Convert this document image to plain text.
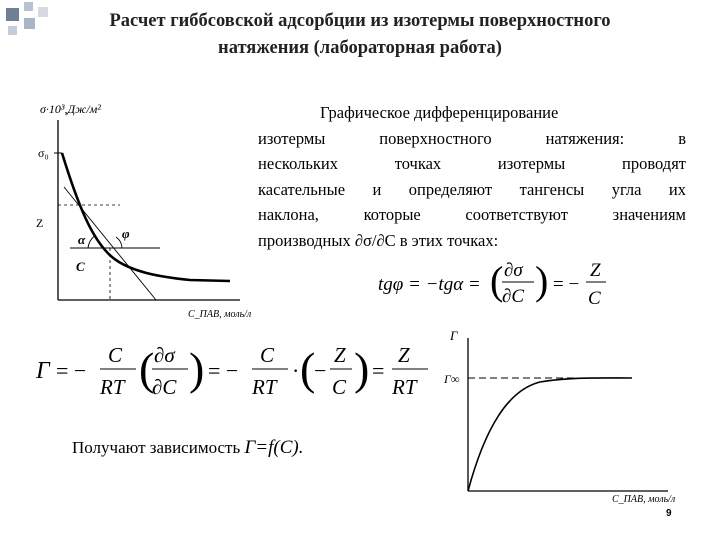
Расчет гиббсовской адсорбции из изотермы поверхностного
натяжения (лабораторная работа)
σ·10³,Дж/м²
σ₀
Z
α	φ
C
C_ПАВ, моль/л
Графическое дифференцирование
изотермы поверхностного натяжения: в
нескольких точках изотермы проводят
касательные и определяют тангенсы угла их
наклона, которые соответствуют значениям
производных ∂σ/∂C в этих точках:
tgφ = −tgα = (∂σ/∂C) = −Z/C
tgφ = −tgα = ( ∂σ
∂C ) = −
Z
C
Γ = −(C/RT)(∂σ/∂C) = −(C/RT)·(−Z/C) = Z/RT
Γ = −
C
RT ( ∂σ
∂C ) = −
C
RT
· (
−
Z
C ) =
Z
RT
Γ
Γ∞
C_ПАВ, моль/л
Получают зависимость Γ=f(C).
9
